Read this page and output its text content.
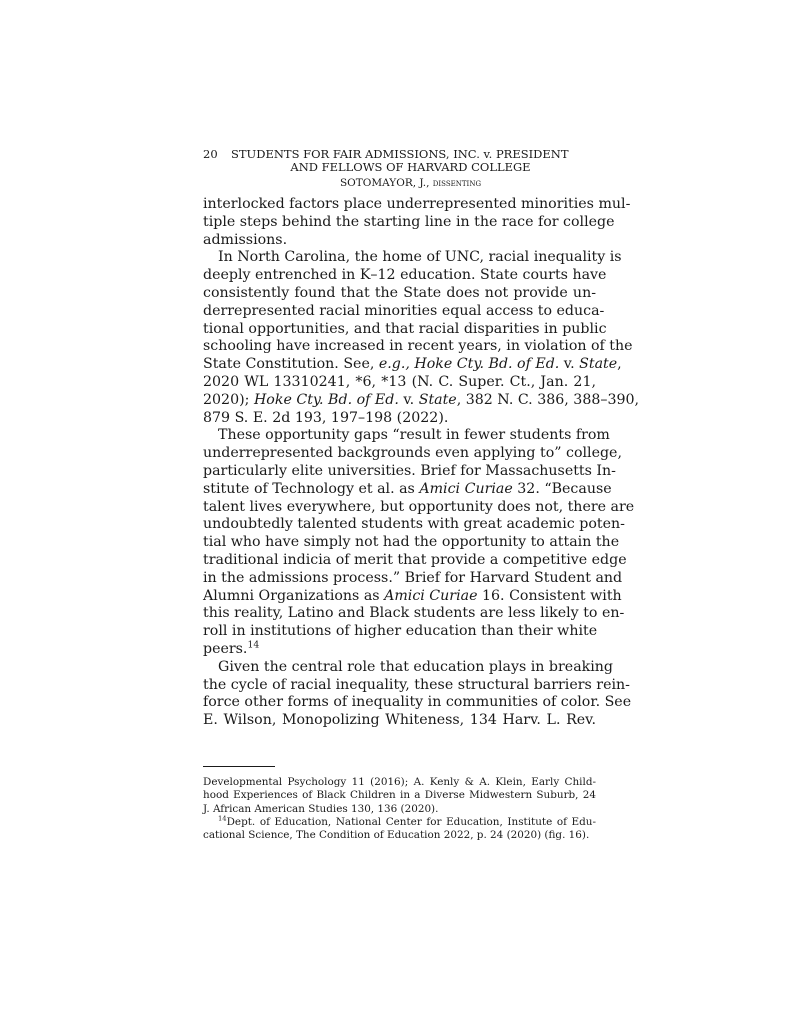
20 STUDENTS FOR FAIR ADMISSIONS, INC. v. PRESIDENT
AND FELLOWS OF HARVARD COLLEGE
SOTOMAYOR, J., dissenting
interlocked factors place underrepresented minorities mul-
tiple steps behind the starting line in the race for college
admissions.
In North Carolina, the home of UNC, racial inequality is
deeply entrenched in K–12 education. State courts have
consistently found that the State does not provide un-
derrepresented racial minorities equal access to educa-
tional opportunities, and that racial disparities in public
schooling have increased in recent years, in violation of the
State Constitution. See, e.g., Hoke Cty. Bd. of Ed. v. State,
2020 WL 13310241, *6, *13 (N. C. Super. Ct., Jan. 21,
2020); Hoke Cty. Bd. of Ed. v. State, 382 N. C. 386, 388–390,
879 S. E. 2d 193, 197–198 (2022).
These opportunity gaps “result in fewer students from
underrepresented backgrounds even applying to” college,
particularly elite universities. Brief for Massachusetts In-
stitute of Technology et al. as Amici Curiae 32. “Because
talent lives everywhere, but opportunity does not, there are
undoubtedly talented students with great academic poten-
tial who have simply not had the opportunity to attain the
traditional indicia of merit that provide a competitive edge
in the admissions process.” Brief for Harvard Student and
Alumni Organizations as Amici Curiae 16. Consistent with
this reality, Latino and Black students are less likely to en-
roll in institutions of higher education than their white
peers.$^{14}$
Given the central role that education plays in breaking
the cycle of racial inequality, these structural barriers rein-
force other forms of inequality in communities of color. See
E. Wilson, Monopolizing Whiteness, 134 Harv. L. Rev.
Developmental Psychology 11 (2016); A. Kenly & A. Klein, Early Child-
hood Experiences of Black Children in a Diverse Midwestern Suburb, 24
J. African American Studies 130, 136 (2020).
$^{14}$Dept. of Education, National Center for Education, Institute of Edu-
cational Science, The Condition of Education 2022, p. 24 (2020) (fig. 16).
